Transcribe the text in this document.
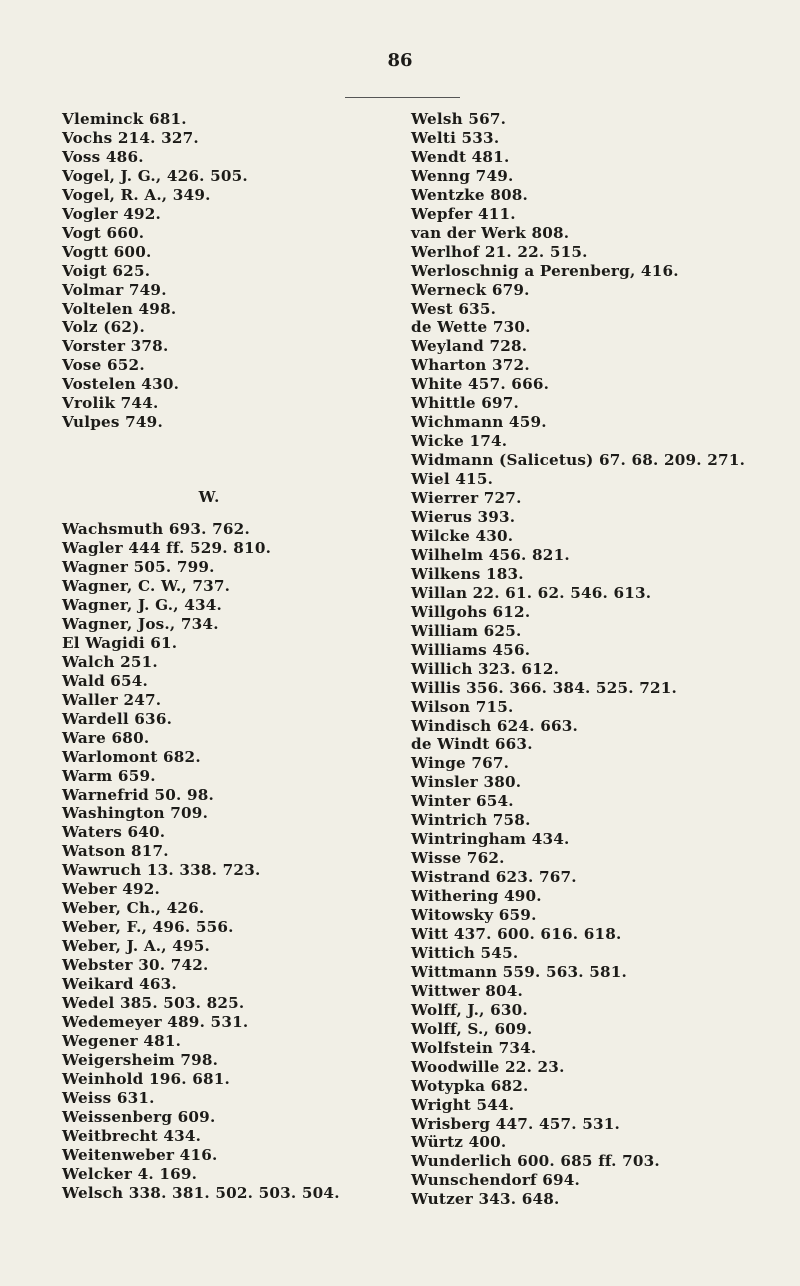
86
Vleminck 681.
Vochs 214. 327.
Voss 486.
Vogel, J. G., 426. 505.
Vogel, R. A., 349.
Vogler 492.
Vogt 660.
Vogtt 600.
Voigt 625.
Volmar 749.
Voltelen 498.
Volz (62).
Vorster 378.
Vose 652.
Vostelen 430.
Vrolik 744.
Vulpes 749.
W.
Wachsmuth 693. 762.
Wagler 444 ff. 529. 810.
Wagner 505. 799.
Wagner, C. W., 737.
Wagner, J. G., 434.
Wagner, Jos., 734.
El Wagidi 61.
Walch 251.
Wald 654.
Waller 247.
Wardell 636.
Ware 680.
Warlomont 682.
Warm 659.
Warnefrid 50. 98.
Washington 709.
Waters 640.
Watson 817.
Wawruch 13. 338. 723.
Weber 492.
Weber, Ch., 426.
Weber, F., 496. 556.
Weber, J. A., 495.
Webster 30. 742.
Weikard 463.
Wedel 385. 503. 825.
Wedemeyer 489. 531.
Wegener 481.
Weigersheim 798.
Weinhold 196. 681.
Weiss 631.
Weissenberg 609.
Weitbrecht 434.
Weitenweber 416.
Welcker 4. 169.
Welsch 338. 381. 502. 503. 504.
Welsh 567.
Welti 533.
Wendt 481.
Wenng 749.
Wentzke 808.
Wepfer 411.
van der Werk 808.
Werlhof 21. 22. 515.
Werloschnig a Perenberg, 416.
Werneck 679.
West 635.
de Wette 730.
Weyland 728.
Wharton 372.
White 457. 666.
Whittle 697.
Wichmann 459.
Wicke 174.
Widmann (Salicetus) 67. 68. 209. 271.
Wiel 415.
Wierrer 727.
Wierus 393.
Wilcke 430.
Wilhelm 456. 821.
Wilkens 183.
Willan 22. 61. 62. 546. 613.
Willgohs 612.
William 625.
Williams 456.
Willich 323. 612.
Willis 356. 366. 384. 525. 721.
Wilson 715.
Windisch 624. 663.
de Windt 663.
Winge 767.
Winsler 380.
Winter 654.
Wintrich 758.
Wintringham 434.
Wisse 762.
Wistrand 623. 767.
Withering 490.
Witowsky 659.
Witt 437. 600. 616. 618.
Wittich 545.
Wittmann 559. 563. 581.
Wittwer 804.
Wolff, J., 630.
Wolff, S., 609.
Wolfstein 734.
Woodwille 22. 23.
Wotypka 682.
Wright 544.
Wrisberg 447. 457. 531.
Würtz 400.
Wunderlich 600. 685 ff. 703.
Wunschendorf 694.
Wutzer 343. 648.
